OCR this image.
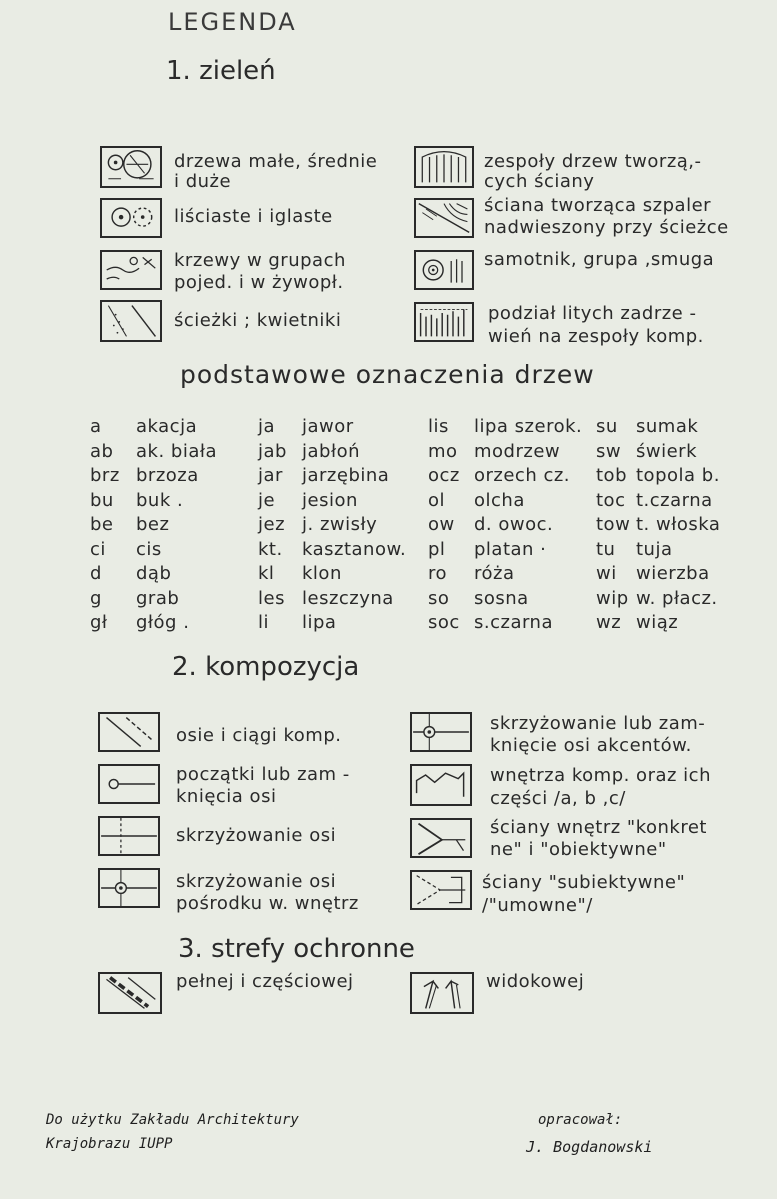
LEGENDA
1. zieleń
drzewa małe, średnie
i duże
liściaste i iglaste
krzewy w grupach
pojed. i w żywopł.
ścieżki ; kwietniki
zespoły drzew tworzą,-
cych ściany
ściana tworząca szpaler
nadwieszony przy ścieżce
samotnik, grupa ,smuga
podział litych zadrze -
wień na zespoły komp.
podstawowe oznaczenia drzew
a akacja
ab ak. biała
brz brzoza
bu buk .
be bez
ci cis
d dąb
g grab
gł głóg .
ja jawor
jab jabłoń
jar jarzębina
je jesion
jez j. zwisły
kt. kasztanow.
kl klon
les leszczyna
li lipa
lis lipa szerok.
mo modrzew
ocz orzech cz.
ol olcha
ow d. owoc.
pl platan ·
ro róża
so sosna
soc s.czarna
su sumak
sw świerk
tob topola b.
toc t.czarna
tow t. włoska
tu tuja
wi wierzba
wip w. płacz.
wz wiąz
2. kompozycja
osie i ciągi komp.
początki lub zam -
knięcia osi
skrzyżowanie osi
skrzyżowanie osi
pośrodku w. wnętrz
skrzyżowanie lub zam-
knięcie osi akcentów.
wnętrza komp. oraz ich
części /a, b ,c/
ściany wnętrz "konkret
ne" i "obiektywne"
ściany "subiektywne"
/"umowne"/
3. strefy ochronne
pełnej i częściowej	widokowej
Do użytku Zakładu Architektury
Krajobrazu IUPP
opracował:
J. Bogdanowski
